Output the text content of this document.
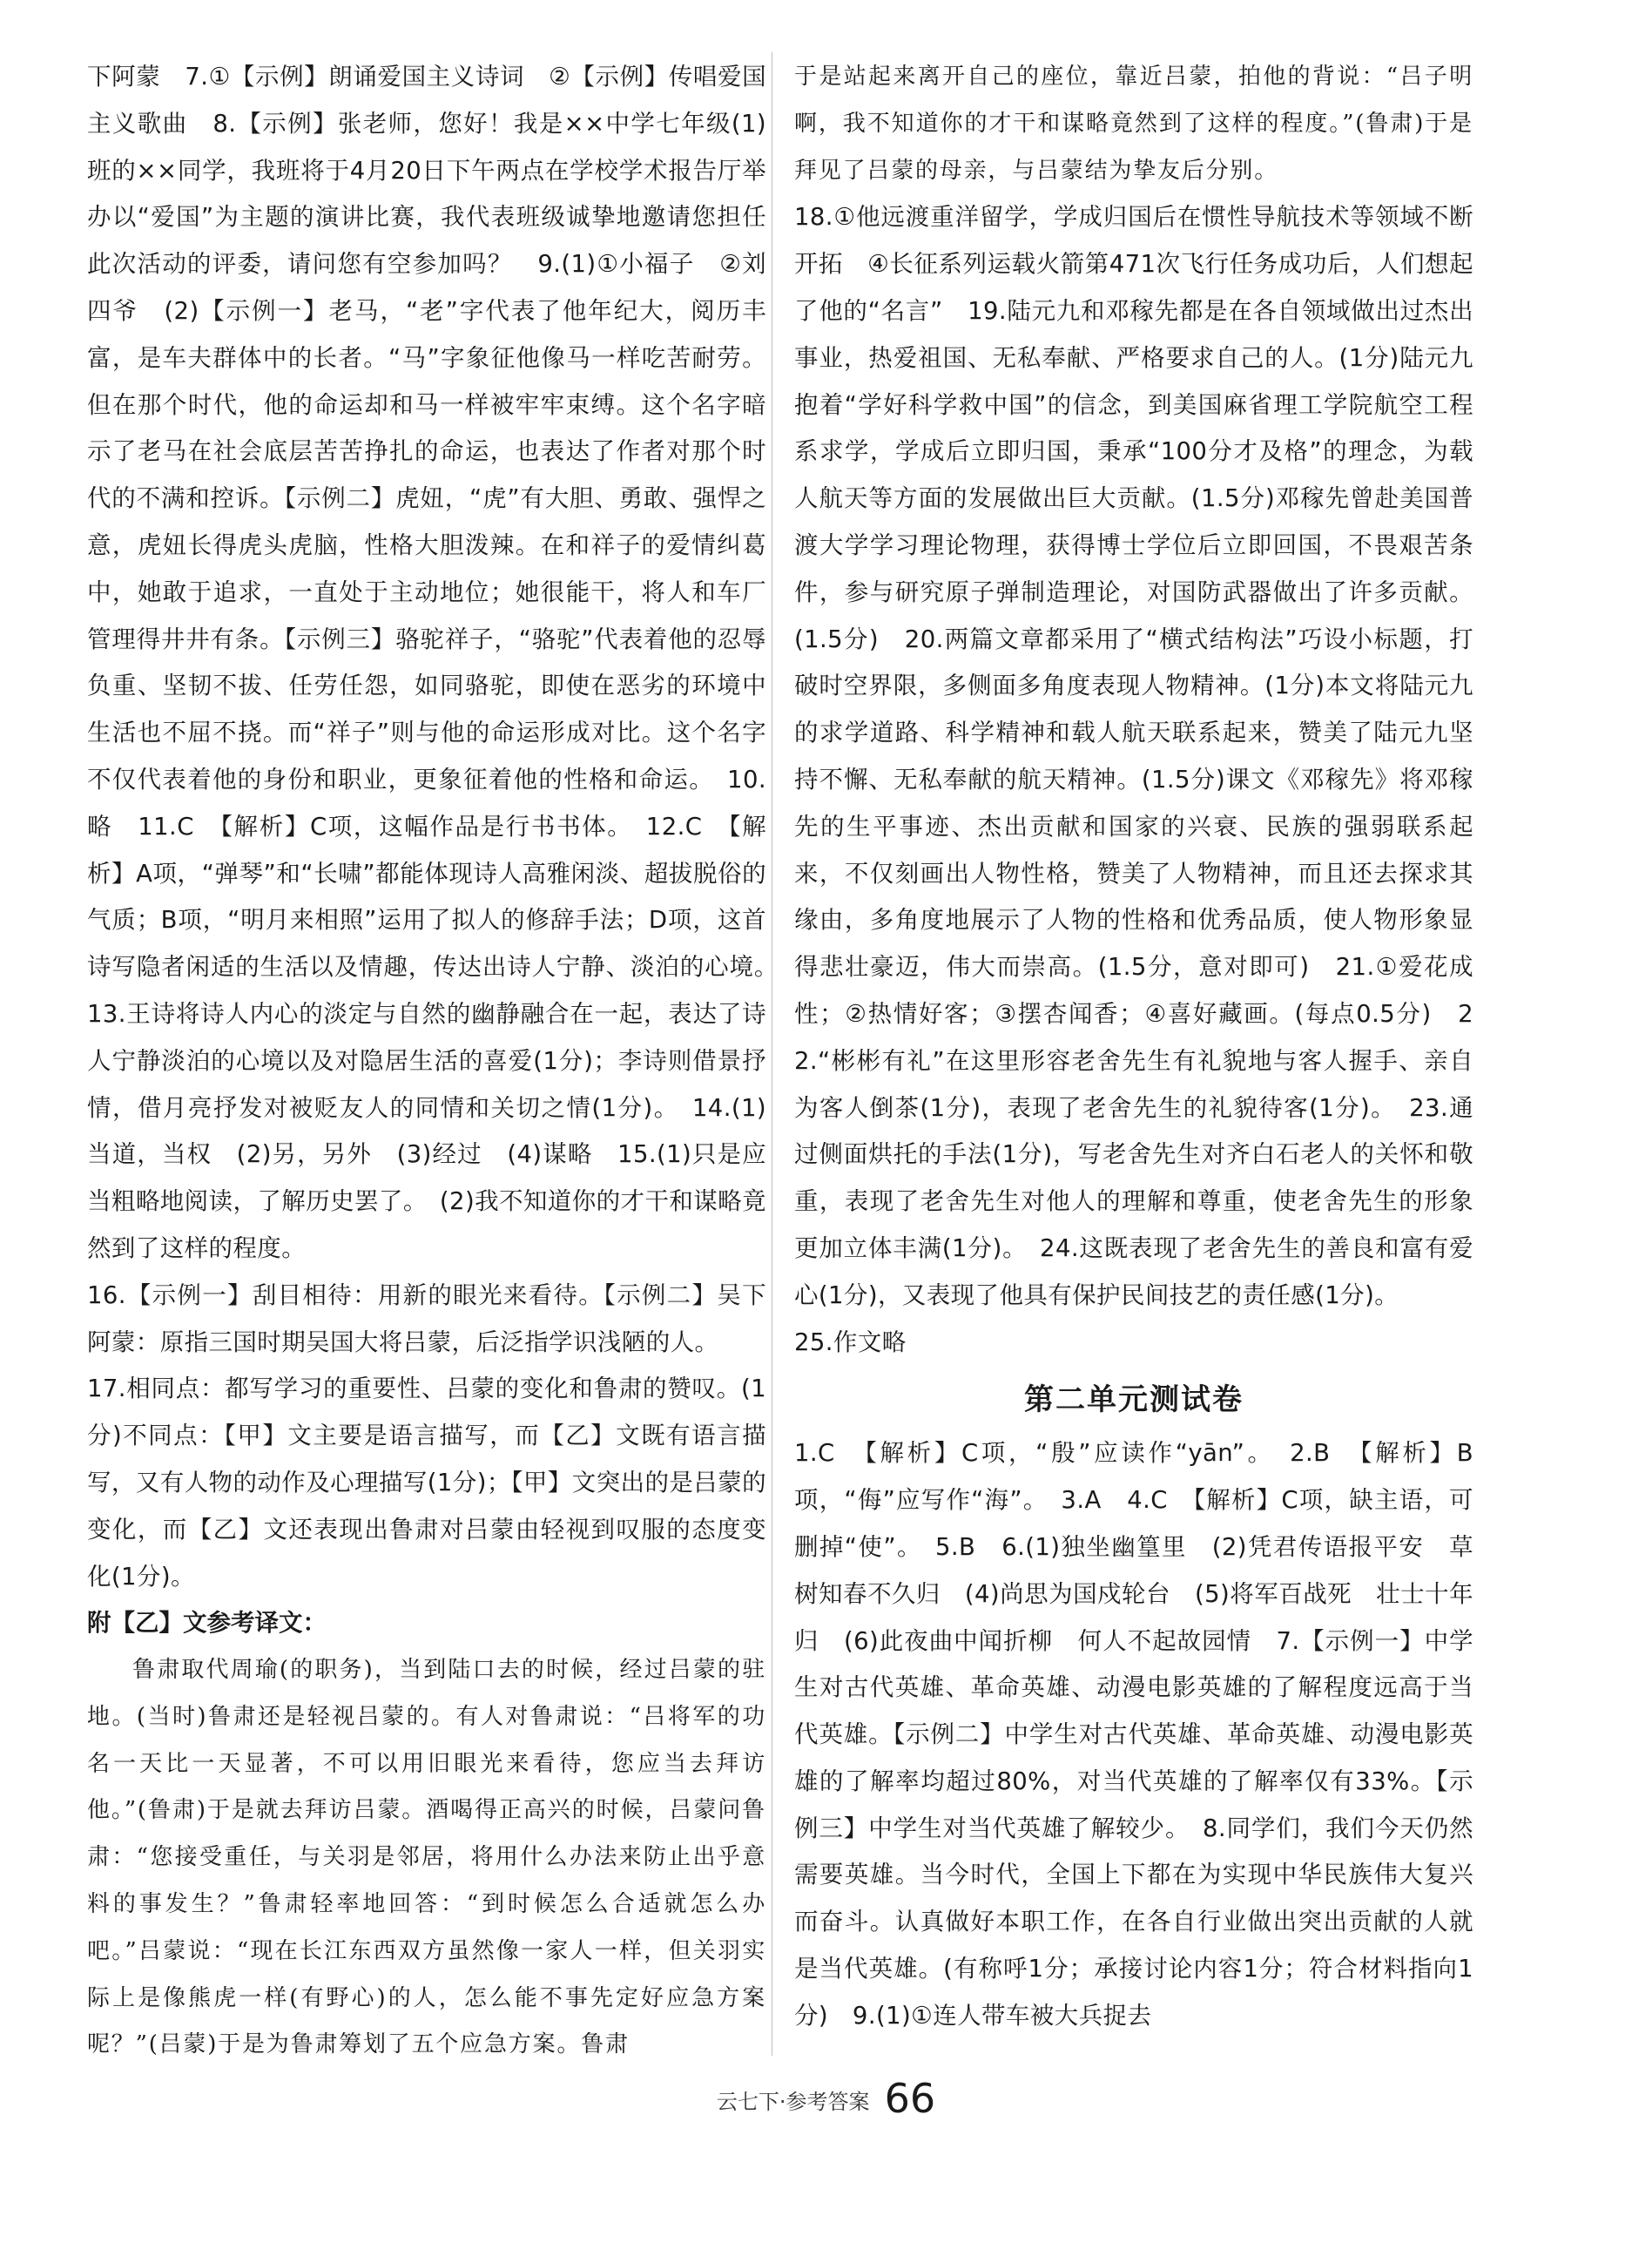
下阿蒙　7.①【示例】朗诵爱国主义诗词　②【示例】传唱爱国主义歌曲　8.【示例】张老师，您好！我是××中学七年级(1)班的××同学，我班将于4月20日下午两点在学校学术报告厅举办以“爱国”为主题的演讲比赛，我代表班级诚挚地邀请您担任此次活动的评委，请问您有空参加吗？　9.(1)①小福子　②刘四爷　(2)【示例一】老马，“老”字代表了他年纪大，阅历丰富，是车夫群体中的长者。“马”字象征他像马一样吃苦耐劳。但在那个时代，他的命运却和马一样被牢牢束缚。这个名字暗示了老马在社会底层苦苦挣扎的命运，也表达了作者对那个时代的不满和控诉。【示例二】虎妞，“虎”有大胆、勇敢、强悍之意，虎妞长得虎头虎脑，性格大胆泼辣。在和祥子的爱情纠葛中，她敢于追求，一直处于主动地位；她很能干，将人和车厂管理得井井有条。【示例三】骆驼祥子，“骆驼”代表着他的忍辱负重、坚韧不拔、任劳任怨，如同骆驼，即使在恶劣的环境中生活也不屈不挠。而“祥子”则与他的命运形成对比。这个名字不仅代表着他的身份和职业，更象征着他的性格和命运。　10.略　11.C　【解析】C项，这幅作品是行书书体。　12.C　【解析】A项，“弹琴”和“长啸”都能体现诗人高雅闲淡、超拔脱俗的气质；B项，“明月来相照”运用了拟人的修辞手法；D项，这首诗写隐者闲适的生活以及情趣，传达出诗人宁静、淡泊的心境。　13.王诗将诗人内心的淡定与自然的幽静融合在一起，表达了诗人宁静淡泊的心境以及对隐居生活的喜爱(1分)；李诗则借景抒情，借月亮抒发对被贬友人的同情和关切之情(1分)。　14.(1)当道，当权　(2)另，另外　(3)经过　(4)谋略　15.(1)只是应当粗略地阅读，了解历史罢了。　(2)我不知道你的才干和谋略竟然到了这样的程度。

16.【示例一】刮目相待：用新的眼光来看待。【示例二】吴下阿蒙：原指三国时期吴国大将吕蒙，后泛指学识浅陋的人。

17.相同点：都写学习的重要性、吕蒙的变化和鲁肃的赞叹。(1分)不同点：【甲】文主要是语言描写，而【乙】文既有语言描写，又有人物的动作及心理描写(1分)；【甲】文突出的是吕蒙的变化，而【乙】文还表现出鲁肃对吕蒙由轻视到叹服的态度变化(1分)。

附【乙】文参考译文：

鲁肃取代周瑜(的职务)，当到陆口去的时候，经过吕蒙的驻地。(当时)鲁肃还是轻视吕蒙的。有人对鲁肃说：“吕将军的功名一天比一天显著，不可以用旧眼光来看待，您应当去拜访他。”(鲁肃)于是就去拜访吕蒙。酒喝得正高兴的时候，吕蒙问鲁肃：“您接受重任，与关羽是邻居，将用什么办法来防止出乎意料的事发生？”鲁肃轻率地回答：“到时候怎么合适就怎么办吧。”吕蒙说：“现在长江东西双方虽然像一家人一样，但关羽实际上是像熊虎一样(有野心)的人，怎么能不事先定好应急方案呢？”(吕蒙)于是为鲁肃筹划了五个应急方案。鲁肃

于是站起来离开自己的座位，靠近吕蒙，拍他的背说：“吕子明啊，我不知道你的才干和谋略竟然到了这样的程度。”(鲁肃)于是拜见了吕蒙的母亲，与吕蒙结为挚友后分别。

18.①他远渡重洋留学，学成归国后在惯性导航技术等领域不断开拓　④长征系列运载火箭第471次飞行任务成功后，人们想起了他的“名言”　19.陆元九和邓稼先都是在各自领域做出过杰出事业，热爱祖国、无私奉献、严格要求自己的人。(1分)陆元九抱着“学好科学救中国”的信念，到美国麻省理工学院航空工程系求学，学成后立即归国，秉承“100分才及格”的理念，为载人航天等方面的发展做出巨大贡献。(1.5分)邓稼先曾赴美国普渡大学学习理论物理，获得博士学位后立即回国，不畏艰苦条件，参与研究原子弹制造理论，对国防武器做出了许多贡献。(1.5分)　20.两篇文章都采用了“横式结构法”巧设小标题，打破时空界限，多侧面多角度表现人物精神。(1分)本文将陆元九的求学道路、科学精神和载人航天联系起来，赞美了陆元九坚持不懈、无私奉献的航天精神。(1.5分)课文《邓稼先》将邓稼先的生平事迹、杰出贡献和国家的兴衰、民族的强弱联系起来，不仅刻画出人物性格，赞美了人物精神，而且还去探求其缘由，多角度地展示了人物的性格和优秀品质，使人物形象显得悲壮豪迈，伟大而崇高。(1.5分，意对即可)　21.①爱花成性；②热情好客；③摆杏闻香；④喜好藏画。(每点0.5分)　22.“彬彬有礼”在这里形容老舍先生有礼貌地与客人握手、亲自为客人倒茶(1分)，表现了老舍先生的礼貌待客(1分)。　23.通过侧面烘托的手法(1分)，写老舍先生对齐白石老人的关怀和敬重，表现了老舍先生对他人的理解和尊重，使老舍先生的形象更加立体丰满(1分)。　24.这既表现了老舍先生的善良和富有爱心(1分)，又表现了他具有保护民间技艺的责任感(1分)。

25.作文略

第二单元测试卷

1.C　【解析】C项，“殷”应读作“yān”。　2.B　【解析】B项，“侮”应写作“海”。　3.A　4.C　【解析】C项，缺主语，可删掉“使”。　5.B　6.(1)独坐幽篁里　(2)凭君传语报平安　草树知春不久归　(4)尚思为国戍轮台　(5)将军百战死　壮士十年归　(6)此夜曲中闻折柳　何人不起故园情　7.【示例一】中学生对古代英雄、革命英雄、动漫电影英雄的了解程度远高于当代英雄。【示例二】中学生对古代英雄、革命英雄、动漫电影英雄的了解率均超过80%，对当代英雄的了解率仅有33%。【示例三】中学生对当代英雄了解较少。　8.同学们，我们今天仍然需要英雄。当今时代，全国上下都在为实现中华民族伟大复兴而奋斗。认真做好本职工作，在各自行业做出突出贡献的人就是当代英雄。(有称呼1分；承接讨论内容1分；符合材料指向1分)　9.(1)①连人带车被大兵捉去

云七下·参考答案 66
